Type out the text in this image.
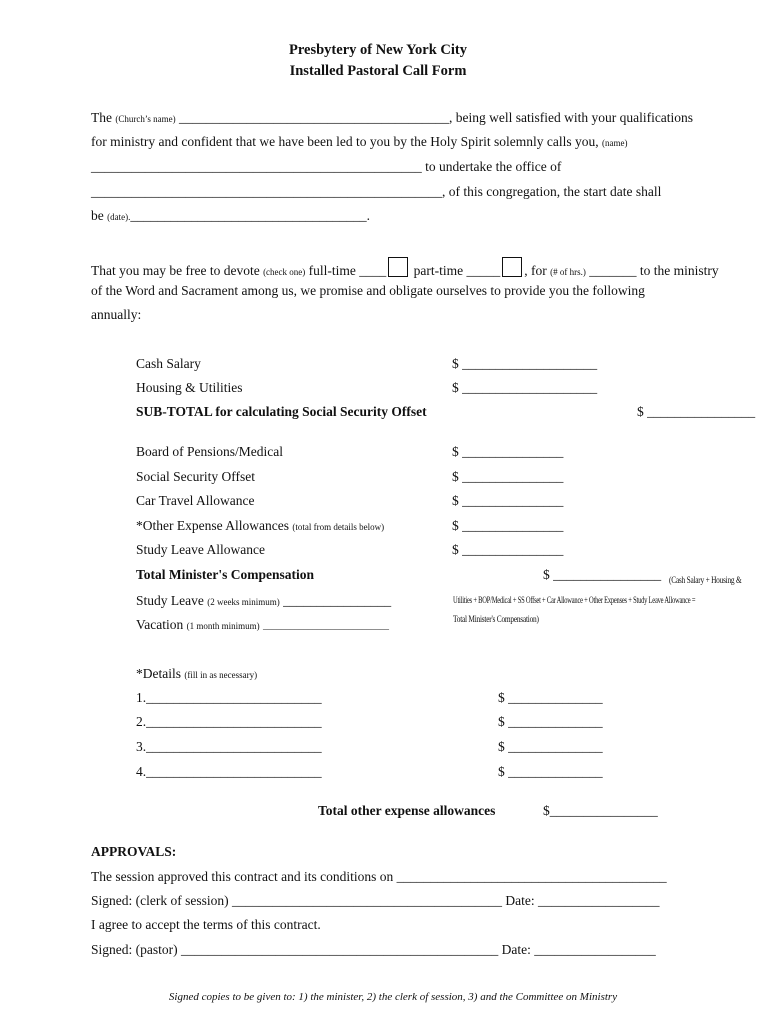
Presbytery of New York City
Installed Pastoral Call Form
The (Church’s name) ________________________________________, being well satisfied with your qualifications
for ministry and confident that we have been led to you by the Holy Spirit solemnly calls you, (name)
_________________________________________________ to undertake the office of
____________________________________________________, of this congregation, the start date shall
be (date).___________________________________.
That you may be free to devote (check one) full-time ____ part-time _____ , for (# of hrs.) _______ to the ministry
of the Word and Sacrament among us, we promise and obligate ourselves to provide you the following
annually:
Cash Salary	$ ____________________
Housing & Utilities	$ ____________________
SUB-TOTAL for calculating Social Security Offset	$ ________________
Board of Pensions/Medical	$ _______________
Social Security Offset	$ _______________
Car Travel Allowance	$ _______________
*Other Expense Allowances (total from details below)	$ _______________
Study Leave Allowance	$ _______________
Total Minister's Compensation	$ ________________ (Cash Salary + Housing &
Utilities + BOP/Medical + SS Offset + Car Allowance + Other Expenses + Study Leave Allowance =
Total Minister's Compensation)
Study Leave (2 weeks minimum) ________________
Vacation (1 month minimum) ____________________________
*Details (fill in as necessary)
1.__________________________	$ ______________
2.__________________________	$ ______________
3.__________________________	$ ______________
4.__________________________	$ ______________
Total other expense allowances	$________________
APPROVALS:
The session approved this contract and its conditions on ________________________________________
Signed: (clerk of session) ________________________________________ Date: __________________
I agree to accept the terms of this contract.
Signed: (pastor) _______________________________________________ Date: __________________
Signed copies to be given to: 1) the minister, 2) the clerk of session, 3) and the Committee on Ministry
